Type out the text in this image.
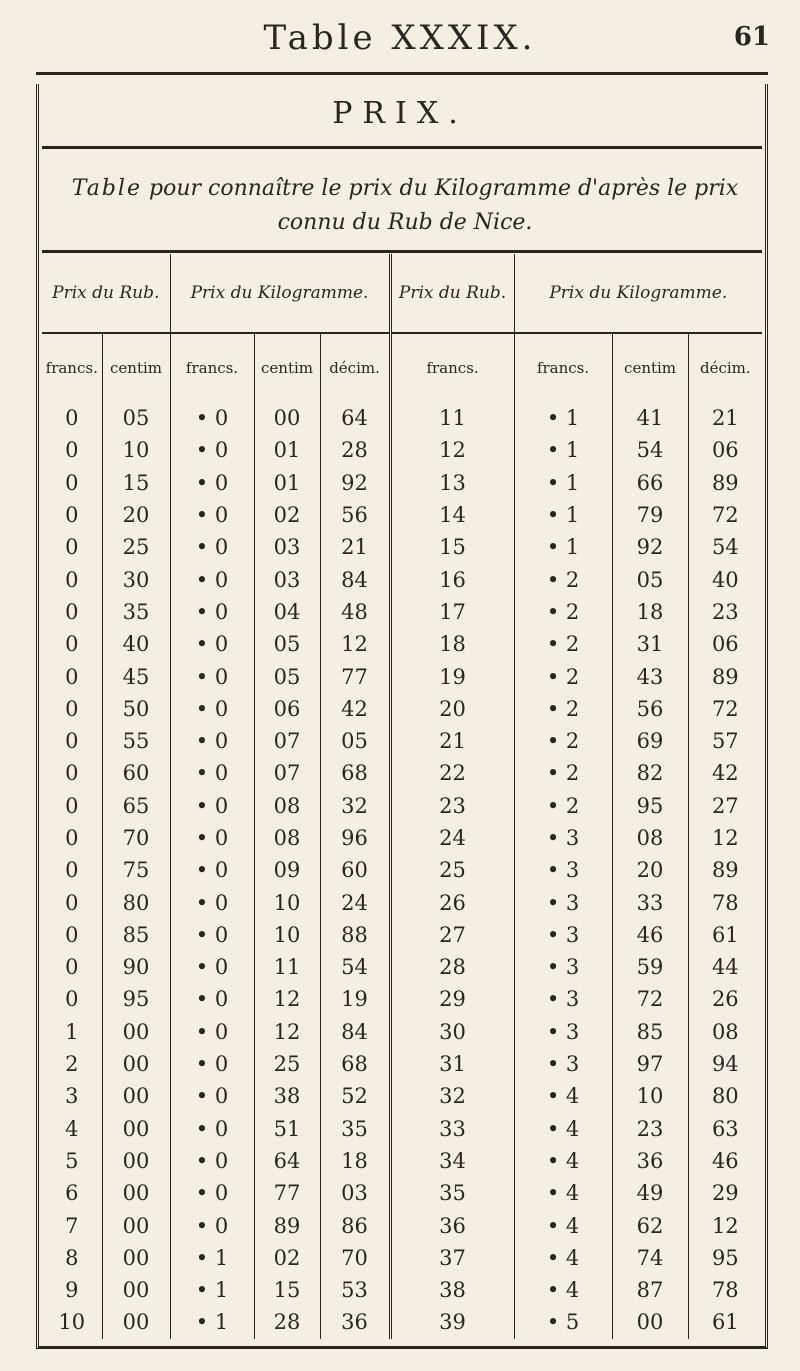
Table XXXIX.	61
PRIX.
Table pour connaître le prix du Kilogramme d'après le prix connu du Rub de Nice.
Prix du Rub.		Prix du Kilogramme.			Prix du Rub.	Prix du Kilogramme.		
francs.	centim	francs.	centim	décim.	francs.	francs.	centim	décim.
0	05	• 0	00	64	11	• 1	41	21
0	10	• 0	01	28	12	• 1	54	06
0	15	• 0	01	92	13	• 1	66	89
0	20	• 0	02	56	14	• 1	79	72
0	25	• 0	03	21	15	• 1	92	54
0	30	• 0	03	84	16	• 2	05	40
0	35	• 0	04	48	17	• 2	18	23
0	40	• 0	05	12	18	• 2	31	06
0	45	• 0	05	77	19	• 2	43	89
0	50	• 0	06	42	20	• 2	56	72
0	55	• 0	07	05	21	• 2	69	57
0	60	• 0	07	68	22	• 2	82	42
0	65	• 0	08	32	23	• 2	95	27
0	70	• 0	08	96	24	• 3	08	12
0	75	• 0	09	60	25	• 3	20	89
0	80	• 0	10	24	26	• 3	33	78
0	85	• 0	10	88	27	• 3	46	61
0	90	• 0	11	54	28	• 3	59	44
0	95	• 0	12	19	29	• 3	72	26
1	00	• 0	12	84	30	• 3	85	08
2	00	• 0	25	68	31	• 3	97	94
3	00	• 0	38	52	32	• 4	10	80
4	00	• 0	51	35	33	• 4	23	63
5	00	• 0	64	18	34	• 4	36	46
6	00	• 0	77	03	35	• 4	49	29
7	00	• 0	89	86	36	• 4	62	12
8	00	• 1	02	70	37	• 4	74	95
9	00	• 1	15	53	38	• 4	87	78
10	00	• 1	28	36	39	• 5	00	61
